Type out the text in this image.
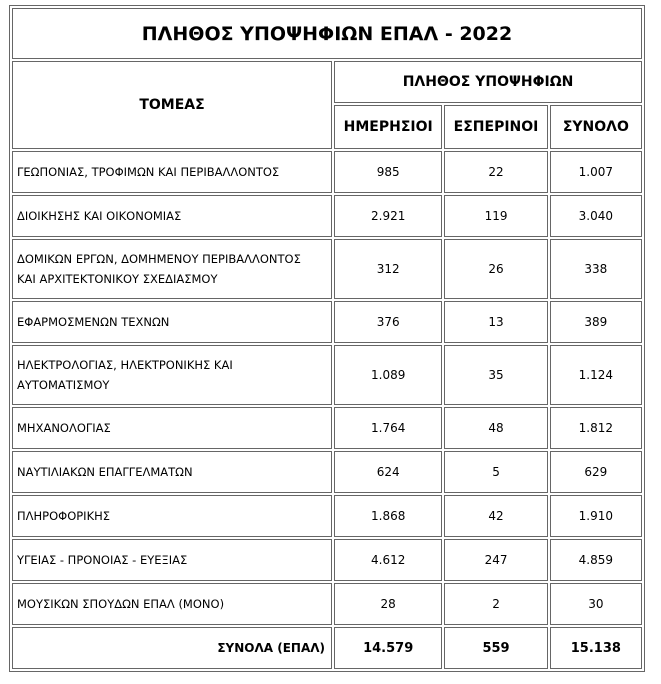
ΠΛΗΘΟΣ ΥΠΟΨΗΦΙΩΝ ΕΠΑΛ - 2022			
ΤΟΜΕΑΣ	ΠΛΗΘΟΣ ΥΠΟΨΗΦΙΩΝ		
	ΗΜΕΡΗΣΙΟΙ	ΕΣΠΕΡΙΝΟΙ	ΣΥΝΟΛΟ
ΓΕΩΠΟΝΙΑΣ, ΤΡΟΦΙΜΩΝ ΚΑΙ ΠΕΡΙΒΑΛΛΟΝΤΟΣ	985	22	1.007
ΔΙΟΙΚΗΣΗΣ ΚΑΙ ΟΙΚΟΝΟΜΙΑΣ	2.921	119	3.040

ΔΟΜΙΚΩΝ ΕΡΓΩΝ, ΔΟΜΗΜΕΝΟΥ ΠΕΡΙΒΑΛΛΟΝΤΟΣ
ΚΑΙ ΑΡΧΙΤΕΚΤΟΝΙΚΟΥ ΣΧΕΔΙΑΣΜΟΥ	312	26	338
ΕΦΑΡΜΟΣΜΕΝΩΝ ΤΕΧΝΩΝ	376	13	389

ΗΛΕΚΤΡΟΛΟΓΙΑΣ, ΗΛΕΚΤΡΟΝΙΚΗΣ ΚΑΙ
ΑΥΤΟΜΑΤΙΣΜΟΥ	1.089	35	1.124
ΜΗΧΑΝΟΛΟΓΙΑΣ	1.764	48	1.812
ΝΑΥΤΙΛΙΑΚΩΝ ΕΠΑΓΓΕΛΜΑΤΩΝ	624	5	629
ΠΛΗΡΟΦΟΡΙΚΗΣ	1.868	42	1.910
ΥΓΕΙΑΣ - ΠΡΟΝΟΙΑΣ - ΕΥΕΞΙΑΣ	4.612	247	4.859
ΜΟΥΣΙΚΩΝ ΣΠΟΥΔΩΝ ΕΠΑΛ (ΜΟΝΟ)	28	2	30
ΣΥΝΟΛΑ (ΕΠΑΛ)	14.579	559	15.138
